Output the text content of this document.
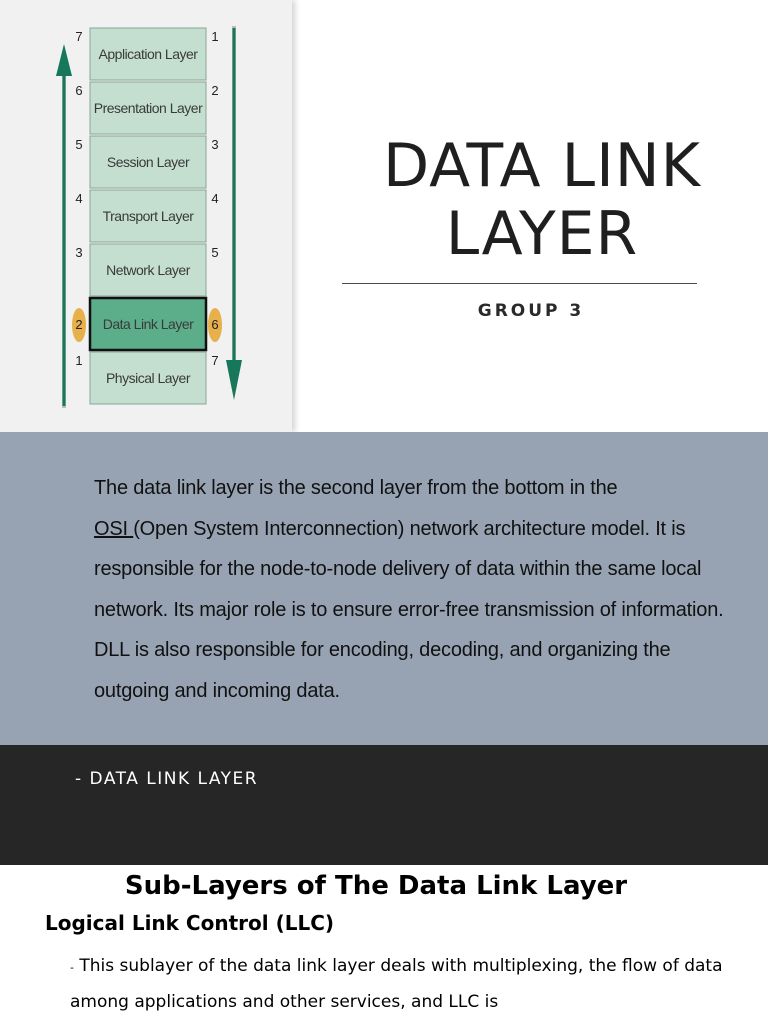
Application Layer
7	1
Presentation Layer
6	2
Session Layer
5	3
Transport Layer
4	4
Network Layer
3	5
Data Link Layer
2	6
Physical Layer
1	7
DATA LINK
LAYER
GROUP 3

The data link layer is the second layer from the bottom in the
OSI (Open System Interconnection) network architecture model. It is responsible for the node-to-node delivery of data within the same local network. Its major role is to ensure error-free transmission of information. DLL is also responsible for encoding, decoding, and organizing the outgoing and incoming data.

- DATA LINK LAYER
Sub-Layers of The Data Link Layer
Logical Link Control (LLC)

- This sublayer of the data link layer deals with multiplexing, the flow of data among applications and other services, and LLC is
